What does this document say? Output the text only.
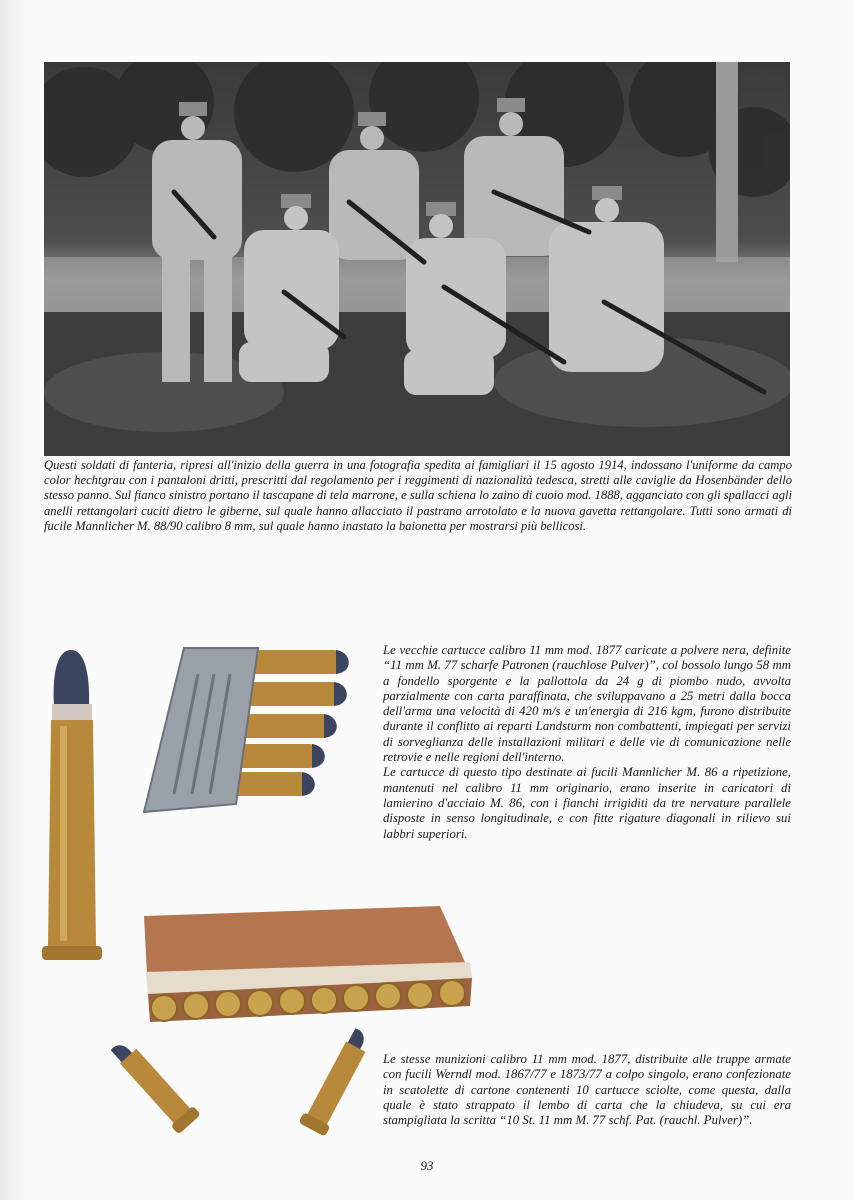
Questi soldati di fanteria, ripresi all'inizio della guerra in una fotografia spedita ai famigliari il 15 agosto 1914, indossano l'uniforme da campo color hechtgrau con i pantaloni dritti, prescritti dal regolamento per i reggimenti di nazionalità tedesca, stretti alle caviglie da Hosenbänder dello stesso panno. Sul fianco sinistro portano il tascapane di tela marrone, e sulla schiena lo zaino di cuoio mod. 1888, agganciato con gli spallacci agli anelli rettangolari cuciti dietro le giberne, sul quale hanno allacciato il pastrano arrotolato e la nuova gavetta rettangolare. Tutti sono armati di fucile Mannlicher M. 88/90 calibro 8 mm, sul quale hanno inastato la baionetta per mostrarsi più bellicosi.

Le vecchie cartucce calibro 11 mm mod. 1877 caricate a polvere nera, definite “11 mm M. 77 scharfe Patronen (rauchlose Pulver)”, col bossolo lungo 58 mm a fondello sporgente e la pallottola da 24 g di piombo nudo, avvolta parzialmente con carta paraffinata, che sviluppavano a 25 metri dalla bocca dell'arma una velocità di 420 m/s e un'energia di 216 kgm, furono distribuite durante il conflitto ai reparti Landsturm non combattenti, impiegati per servizi di sorveglianza delle installazioni militari e delle vie di comunicazione nelle retrovie e nelle regioni dell'interno.

Le cartucce di questo tipo destinate ai fucili Mannlicher M. 86 a ripetizione, mantenuti nel calibro 11 mm originario, erano inserite in caricatori di lamierino d'acciaio M. 86, con i fianchi irrigiditi da tre nervature parallele disposte in senso longitudinale, e con fitte rigature diagonali in rilievo sui labbri superiori.

Le stesse munizioni calibro 11 mm mod. 1877, distribuite alle truppe armate con fucili Werndl mod. 1867/77 e 1873/77 a colpo singolo, erano confezionate in scatolette di cartone contenenti 10 cartucce sciolte, come questa, dalla quale è stato strappato il lembo di carta che la chiudeva, su cui era stampigliata la scritta “10 St. 11 mm M. 77 schf. Pat. (rauchl. Pulver)”.

93
